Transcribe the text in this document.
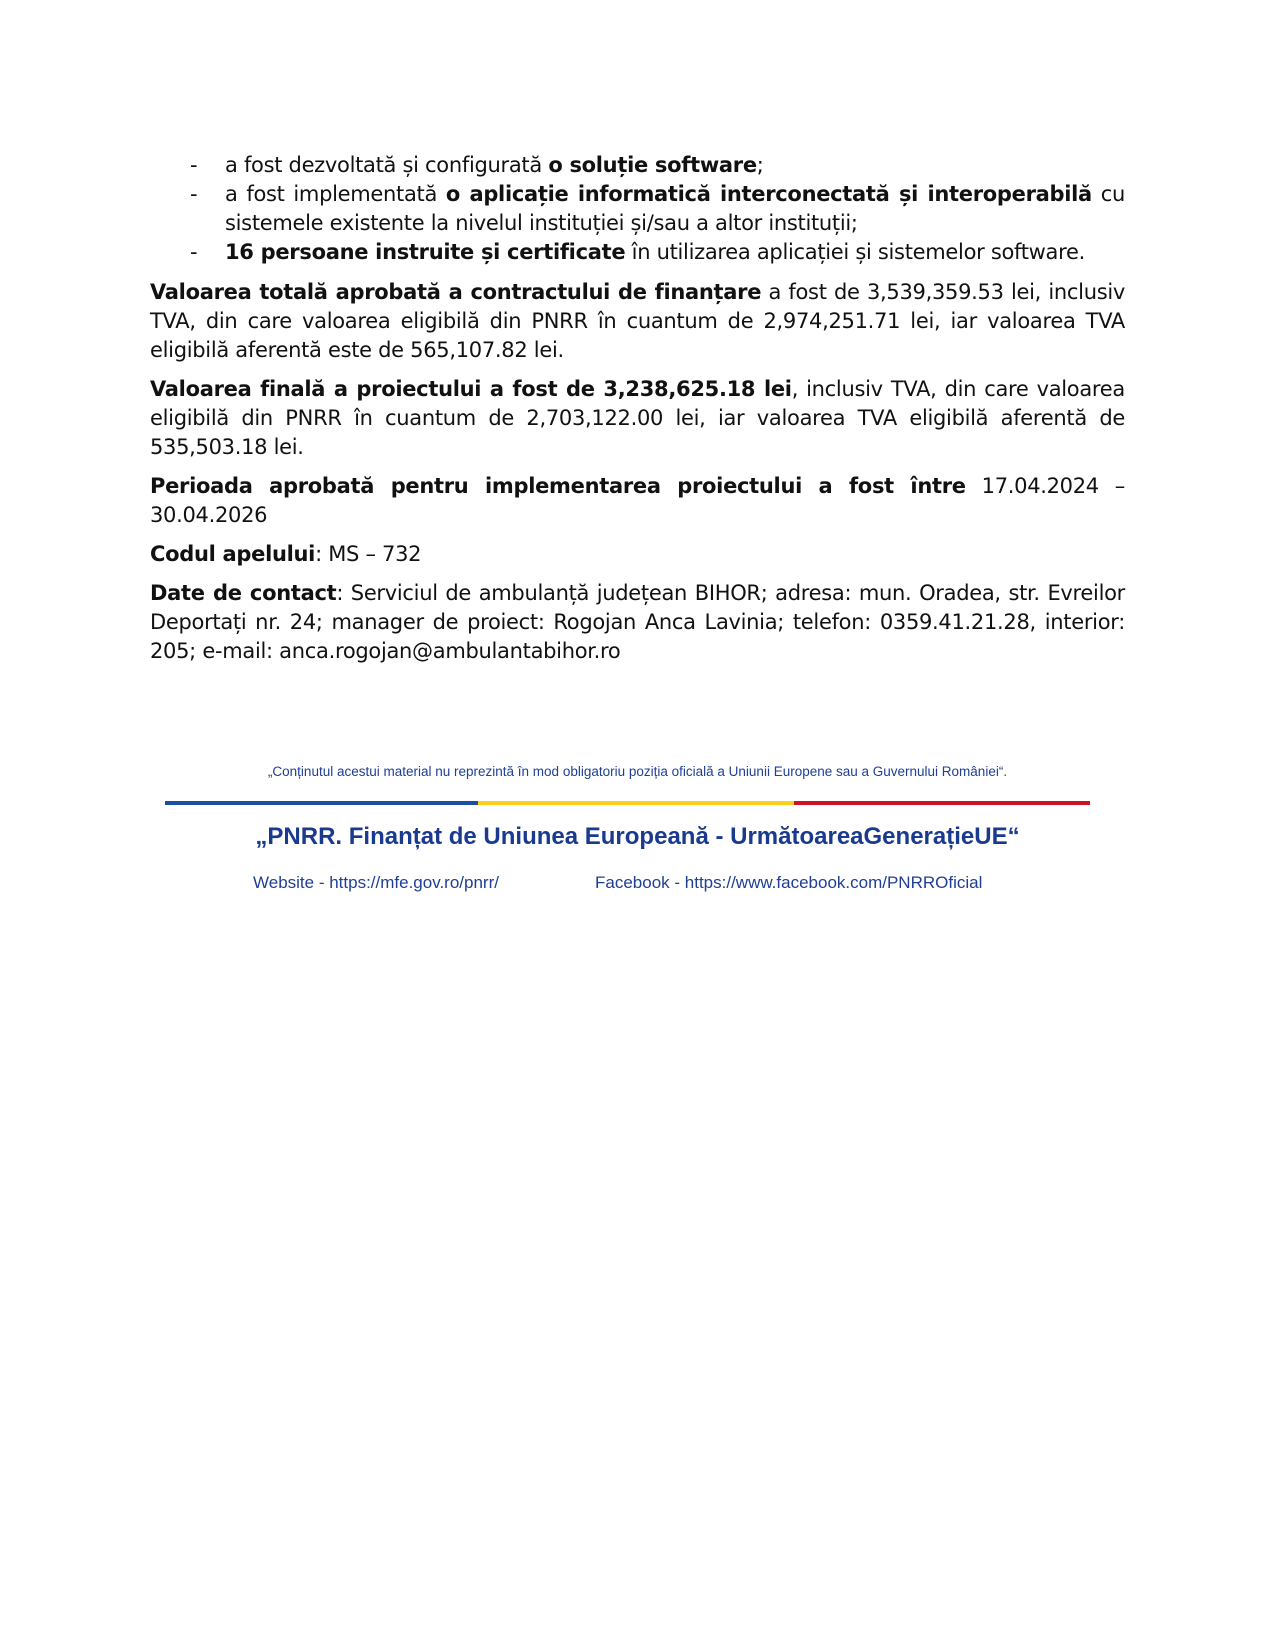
- a fost dezvoltată și configurată o soluție software;
- a fost implementată o aplicație informatică interconectată și interoperabilă cu sistemele existente la nivelul instituției și/sau a altor instituții;
- 16 persoane instruite și certificate în utilizarea aplicației și sistemelor software.

Valoarea totală aprobată a contractului de finanțare a fost de 3,539,359.53 lei, inclusiv TVA, din care valoarea eligibilă din PNRR în cuantum de 2,974,251.71 lei, iar valoarea TVA eligibilă aferentă este de 565,107.82 lei.

Valoarea finală a proiectului a fost de 3,238,625.18 lei, inclusiv TVA, din care valoarea eligibilă din PNRR în cuantum de 2,703,122.00 lei, iar valoarea TVA eligibilă aferentă de 535,503.18 lei.

Perioada aprobată pentru implementarea proiectului a fost între 17.04.2024 – 30.04.2026

Codul apelului: MS – 732

Date de contact: Serviciul de ambulanță județean BIHOR; adresa: mun. Oradea, str. Evreilor Deportați nr. 24; manager de proiect: Rogojan Anca Lavinia; telefon: 0359.41.21.28, interior: 205; e-mail: anca.rogojan@ambulantabihor.ro

„Conținutul acestui material nu reprezintă în mod obligatoriu poziția oficială a Uniunii Europene sau a Guvernului României“.
„PNRR. Finanțat de Uniunea Europeană - UrmătoareaGenerațieUE“
Website - https://mfe.gov.ro/pnrr/	Facebook - https://www.facebook.com/PNRROficial
